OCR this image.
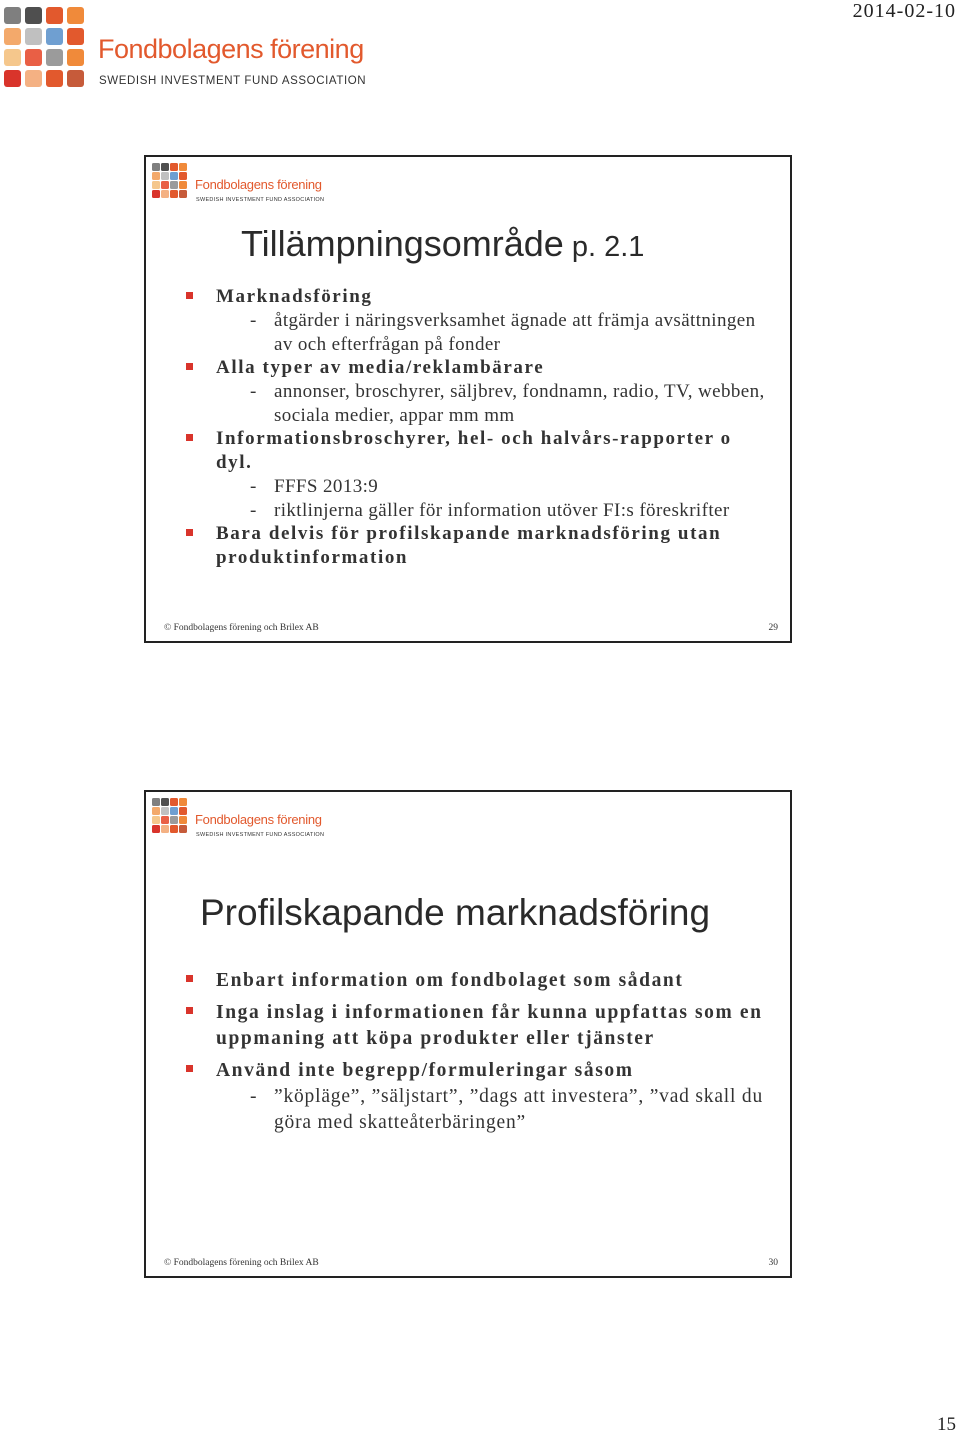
Fondbolagens förening
SWEDISH INVESTMENT FUND ASSOCIATION
2014-02-10
Fondbolagens förening
SWEDISH INVESTMENT FUND ASSOCIATION
Tillämpningsområde p. 2.1
Marknadsföring
- åtgärder i näringsverksamhet ägnade att främja avsättningen av och efterfrågan på fonder
Alla typer av media/reklambärare
- annonser, broschyrer, säljbrev, fondnamn, radio, TV, webben, sociala medier, appar mm mm
Informationsbroschyrer, hel- och halvårs-rapporter o dyl.
- FFFS 2013:9
- riktlinjerna gäller för information utöver FI:s föreskrifter
Bara delvis för profilskapande marknadsföring utan produktinformation
© Fondbolagens förening och Brilex AB	29
Fondbolagens förening
SWEDISH INVESTMENT FUND ASSOCIATION
Profilskapande marknadsföring
Enbart information om fondbolaget som sådant
Inga inslag i informationen får kunna uppfattas som en uppmaning att köpa produkter eller tjänster
Använd inte begrepp/formuleringar såsom
- ”köpläge”, ”säljstart”, ”dags att investera”, ”vad skall du göra med skatteåterbäringen”
© Fondbolagens förening och Brilex AB	30
15
